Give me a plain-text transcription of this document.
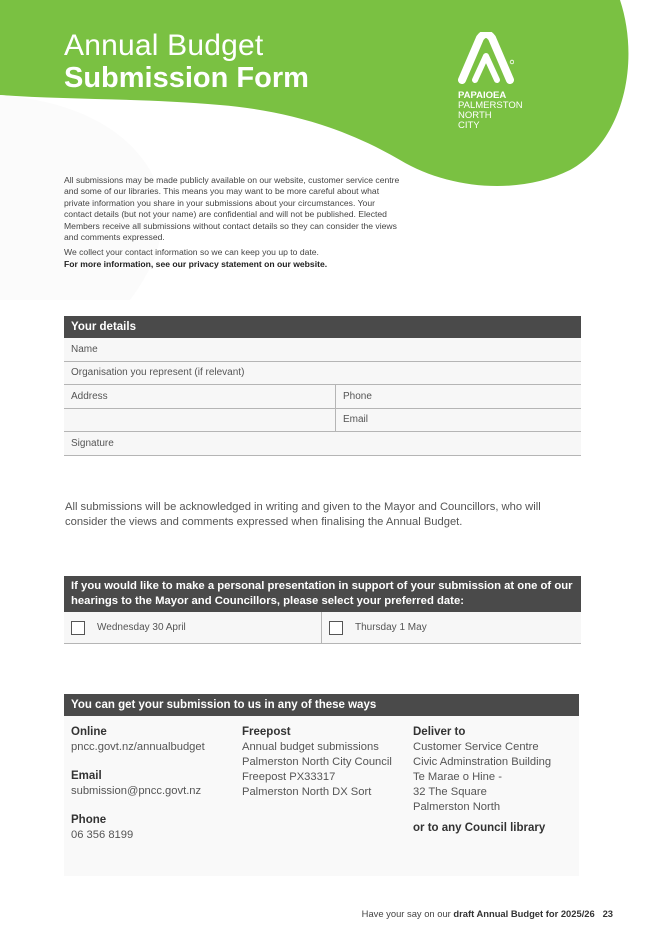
Annual Budget
Submission Form
PAPAIOEA
PALMERSTON
NORTH
CITY

All submissions may be made publicly available on our website, customer service centre and some of our libraries. This means you may want to be more careful about what private information you share in your submissions about your circumstances. Your contact details (but not your name) are confidential and will not be published. Elected Members receive all submissions without contact details so they can consider the views and comments expressed.

We collect your contact information so we can keep you up to date.

For more information, see our privacy statement on our website.

Your details
Name
Organisation you represent (if relevant)
Address	Phone
Email
Signature
All submissions will be acknowledged in writing and given to the Mayor and Councillors, who will consider the views and comments expressed when finalising the Annual Budget.
If you would like to make a personal presentation in support of your submission at one of our hearings to the Mayor and Councillors, please select your preferred date:
Wednesday 30 April	Thursday 1 May
You can get your submission to us in any of these ways
Online
pncc.govt.nz/annualbudget
Email
submission@pncc.govt.nz
Phone
06 356 8199
Freepost
Annual budget submissions
Palmerston North City Council
Freepost PX33317
Palmerston North DX Sort
Deliver to
Customer Service Centre
Civic Adminstration Building
Te Marae o Hine -
32 The Square
Palmerston North
or to any Council library
Have your say on our draft Annual Budget for 2025/26 23
